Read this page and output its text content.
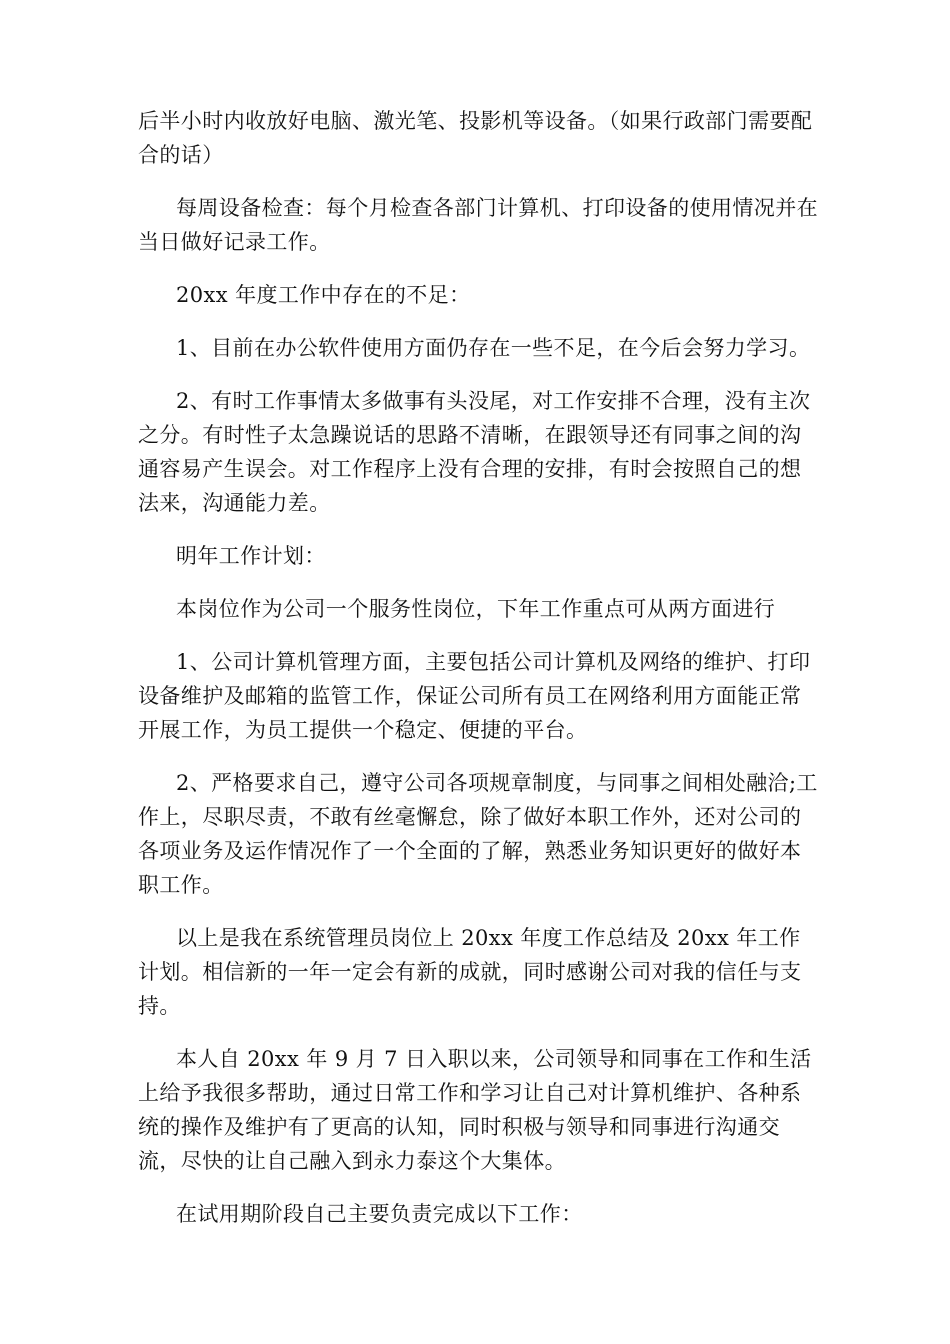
后半小时内收放好电脑、激光笔、投影机等设备。（如果行政部门需要配合的话）

每周设备检查：每个月检查各部门计算机、打印设备的使用情况并在当日做好记录工作。

20xx 年度工作中存在的不足：

1、目前在办公软件使用方面仍存在一些不足，在今后会努力学习。

2、有时工作事情太多做事有头没尾，对工作安排不合理，没有主次之分。有时性子太急躁说话的思路不清晰，在跟领导还有同事之间的沟通容易产生误会。对工作程序上没有合理的安排，有时会按照自己的想法来，沟通能力差。

明年工作计划：

本岗位作为公司一个服务性岗位，下年工作重点可从两方面进行

1、公司计算机管理方面，主要包括公司计算机及网络的维护、打印设备维护及邮箱的监管工作，保证公司所有员工在网络利用方面能正常开展工作，为员工提供一个稳定、便捷的平台。

2、严格要求自己，遵守公司各项规章制度，与同事之间相处融洽;工作上，尽职尽责，不敢有丝毫懈怠，除了做好本职工作外，还对公司的各项业务及运作情况作了一个全面的了解，熟悉业务知识更好的做好本职工作。

以上是我在系统管理员岗位上 20xx 年度工作总结及 20xx 年工作计划。相信新的一年一定会有新的成就，同时感谢公司对我的信任与支持。

本人自 20xx 年 9 月 7 日入职以来，公司领导和同事在工作和生活上给予我很多帮助，通过日常工作和学习让自己对计算机维护、各种系统的操作及维护有了更高的认知，同时积极与领导和同事进行沟通交流，尽快的让自己融入到永力泰这个大集体。

在试用期阶段自己主要负责完成以下工作：
